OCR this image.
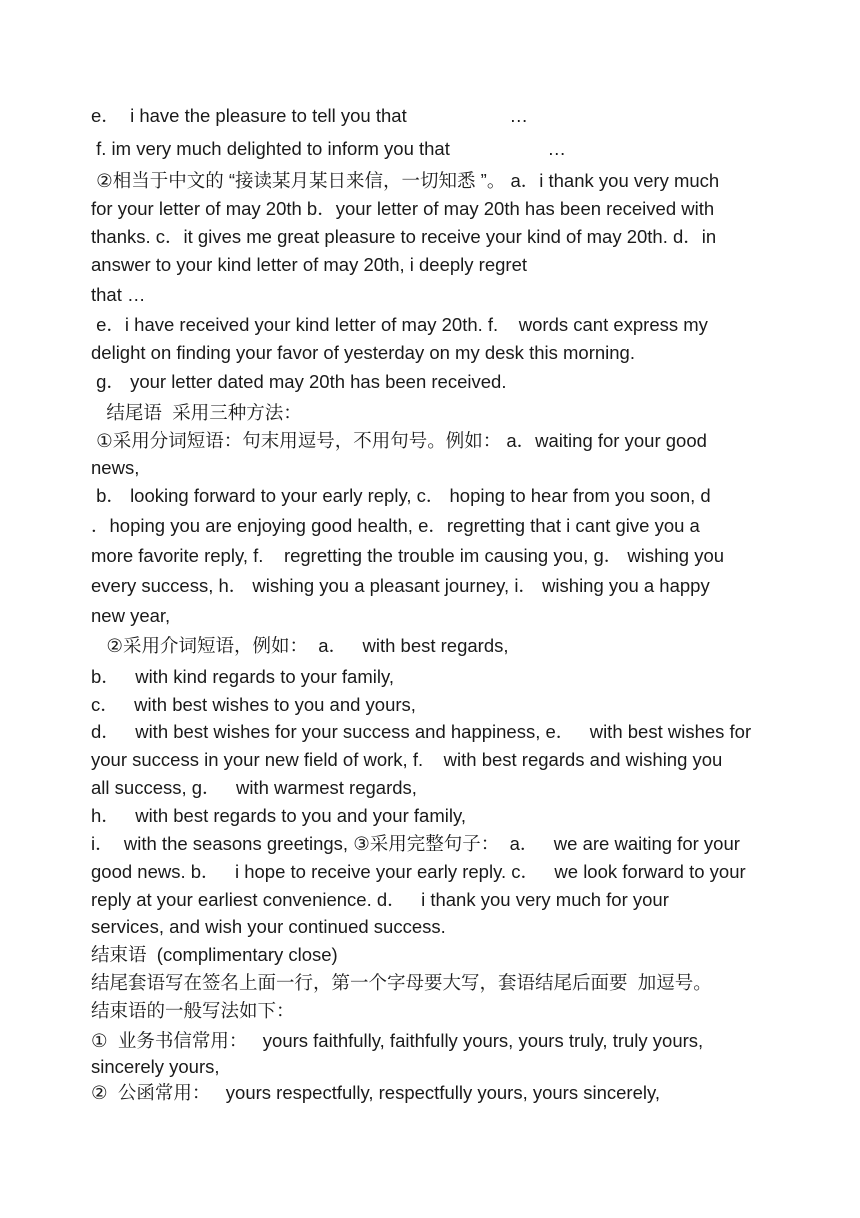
e．  i have the pleasure to tell you that                    …

f. im very much delighted to inform you that                   …

②相当于中文的 “接读某月某日来信，一切知悉 ”。 a．i thank you very much

for your letter of may 20th b．your letter of may 20th has been received with

thanks. c．it gives me great pleasure to receive your kind of may 20th. d．in

answer to your kind letter of may 20th, i deeply regret

that …

e．i have received your kind letter of may 20th. f.    words cant express my

delight on finding your favor of yesterday on my desk this morning.

g． your letter dated may 20th has been received.

结尾语  采用三种方法：

①采用分词短语：句末用逗号，不用句号。例如： a．waiting for your good

news,

b． looking forward to your early reply, c． hoping to hear from you soon, d

．hoping you are enjoying good health, e．regretting that i cant give you a

more favorite reply, f.    regretting the trouble im causing you, g． wishing you

every success, h． wishing you a pleasant journey, i． wishing you a happy

new year,

②采用介词短语，例如：  a．   with best regards,

b．   with kind regards to your family,

c．   with best wishes to you and yours,

d．   with best wishes for your success and happiness, e．   with best wishes for

your success in your new field of work, f.    with best regards and wishing you

all success, g．   with warmest regards,

h．   with best regards to you and your family,

i．  with the seasons greetings, ③采用完整句子：  a．   we are waiting for your

good news. b．   i hope to receive your early reply. c．   we look forward to your

reply at your earliest convenience. d．   i thank you very much for your

services, and wish your continued success.

结束语  (complimentary close)

结尾套语写在签名上面一行，第一个字母要大写，套语结尾后面要  加逗号。

结束语的一般写法如下：

①  业务书信常用：   yours faithfully, faithfully yours, yours truly, truly yours,

sincerely yours,

②  公函常用：   yours respectfully, respectfully yours, yours sincerely,
